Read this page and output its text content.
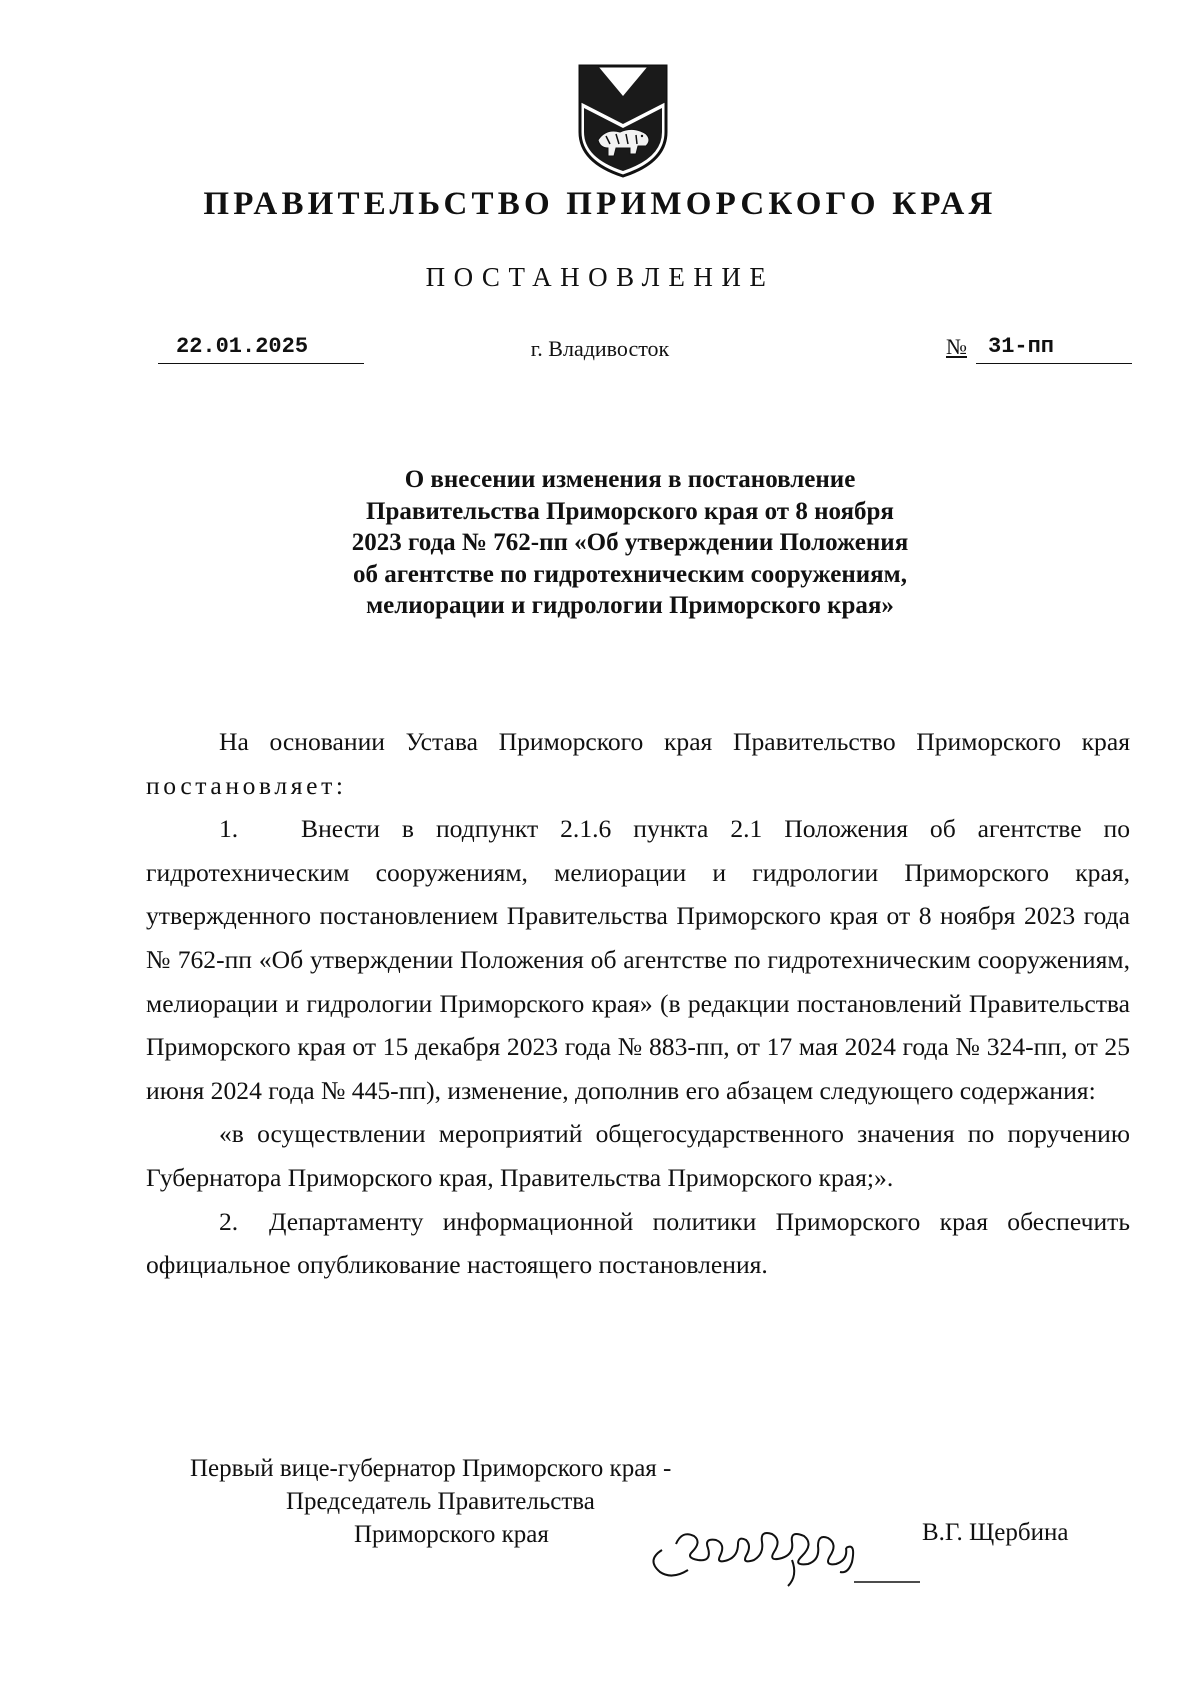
ПРАВИТЕЛЬСТВО ПРИМОРСКОГО КРАЯ
ПОСТАНОВЛЕНИЕ
22.01.2025	г. Владивосток	№ 31-пп
О внесении изменения в постановление
Правительства Приморского края от 8 ноября
2023 года № 762-пп «Об утверждении Положения
об агентстве по гидротехническим сооружениям,
мелиорации и гидрологии Приморского края»

На основании Устава Приморского края Правительство Приморского края постановляет:

1. Внести в подпункт 2.1.6 пункта 2.1 Положения об агентстве по гидротехническим сооружениям, мелиорации и гидрологии Приморского края, утвержденного постановлением Правительства Приморского края от 8 ноября 2023 года № 762-пп «Об утверждении Положения об агентстве по гидротехническим сооружениям, мелиорации и гидрологии Приморского края» (в редакции постановлений Правительства Приморского края от 15 декабря 2023 года № 883-пп, от 17 мая 2024 года № 324-пп, от 25 июня 2024 года № 445-пп), изменение, дополнив его абзацем следующего содержания:

«в осуществлении мероприятий общегосударственного значения по поручению Губернатора Приморского края, Правительства Приморского края;».

2. Департаменту информационной политики Приморского края обеспечить официальное опубликование настоящего постановления.

Первый вице-губернатор Приморского края -
Председатель Правительства
Приморского края	В.Г. Щербина
